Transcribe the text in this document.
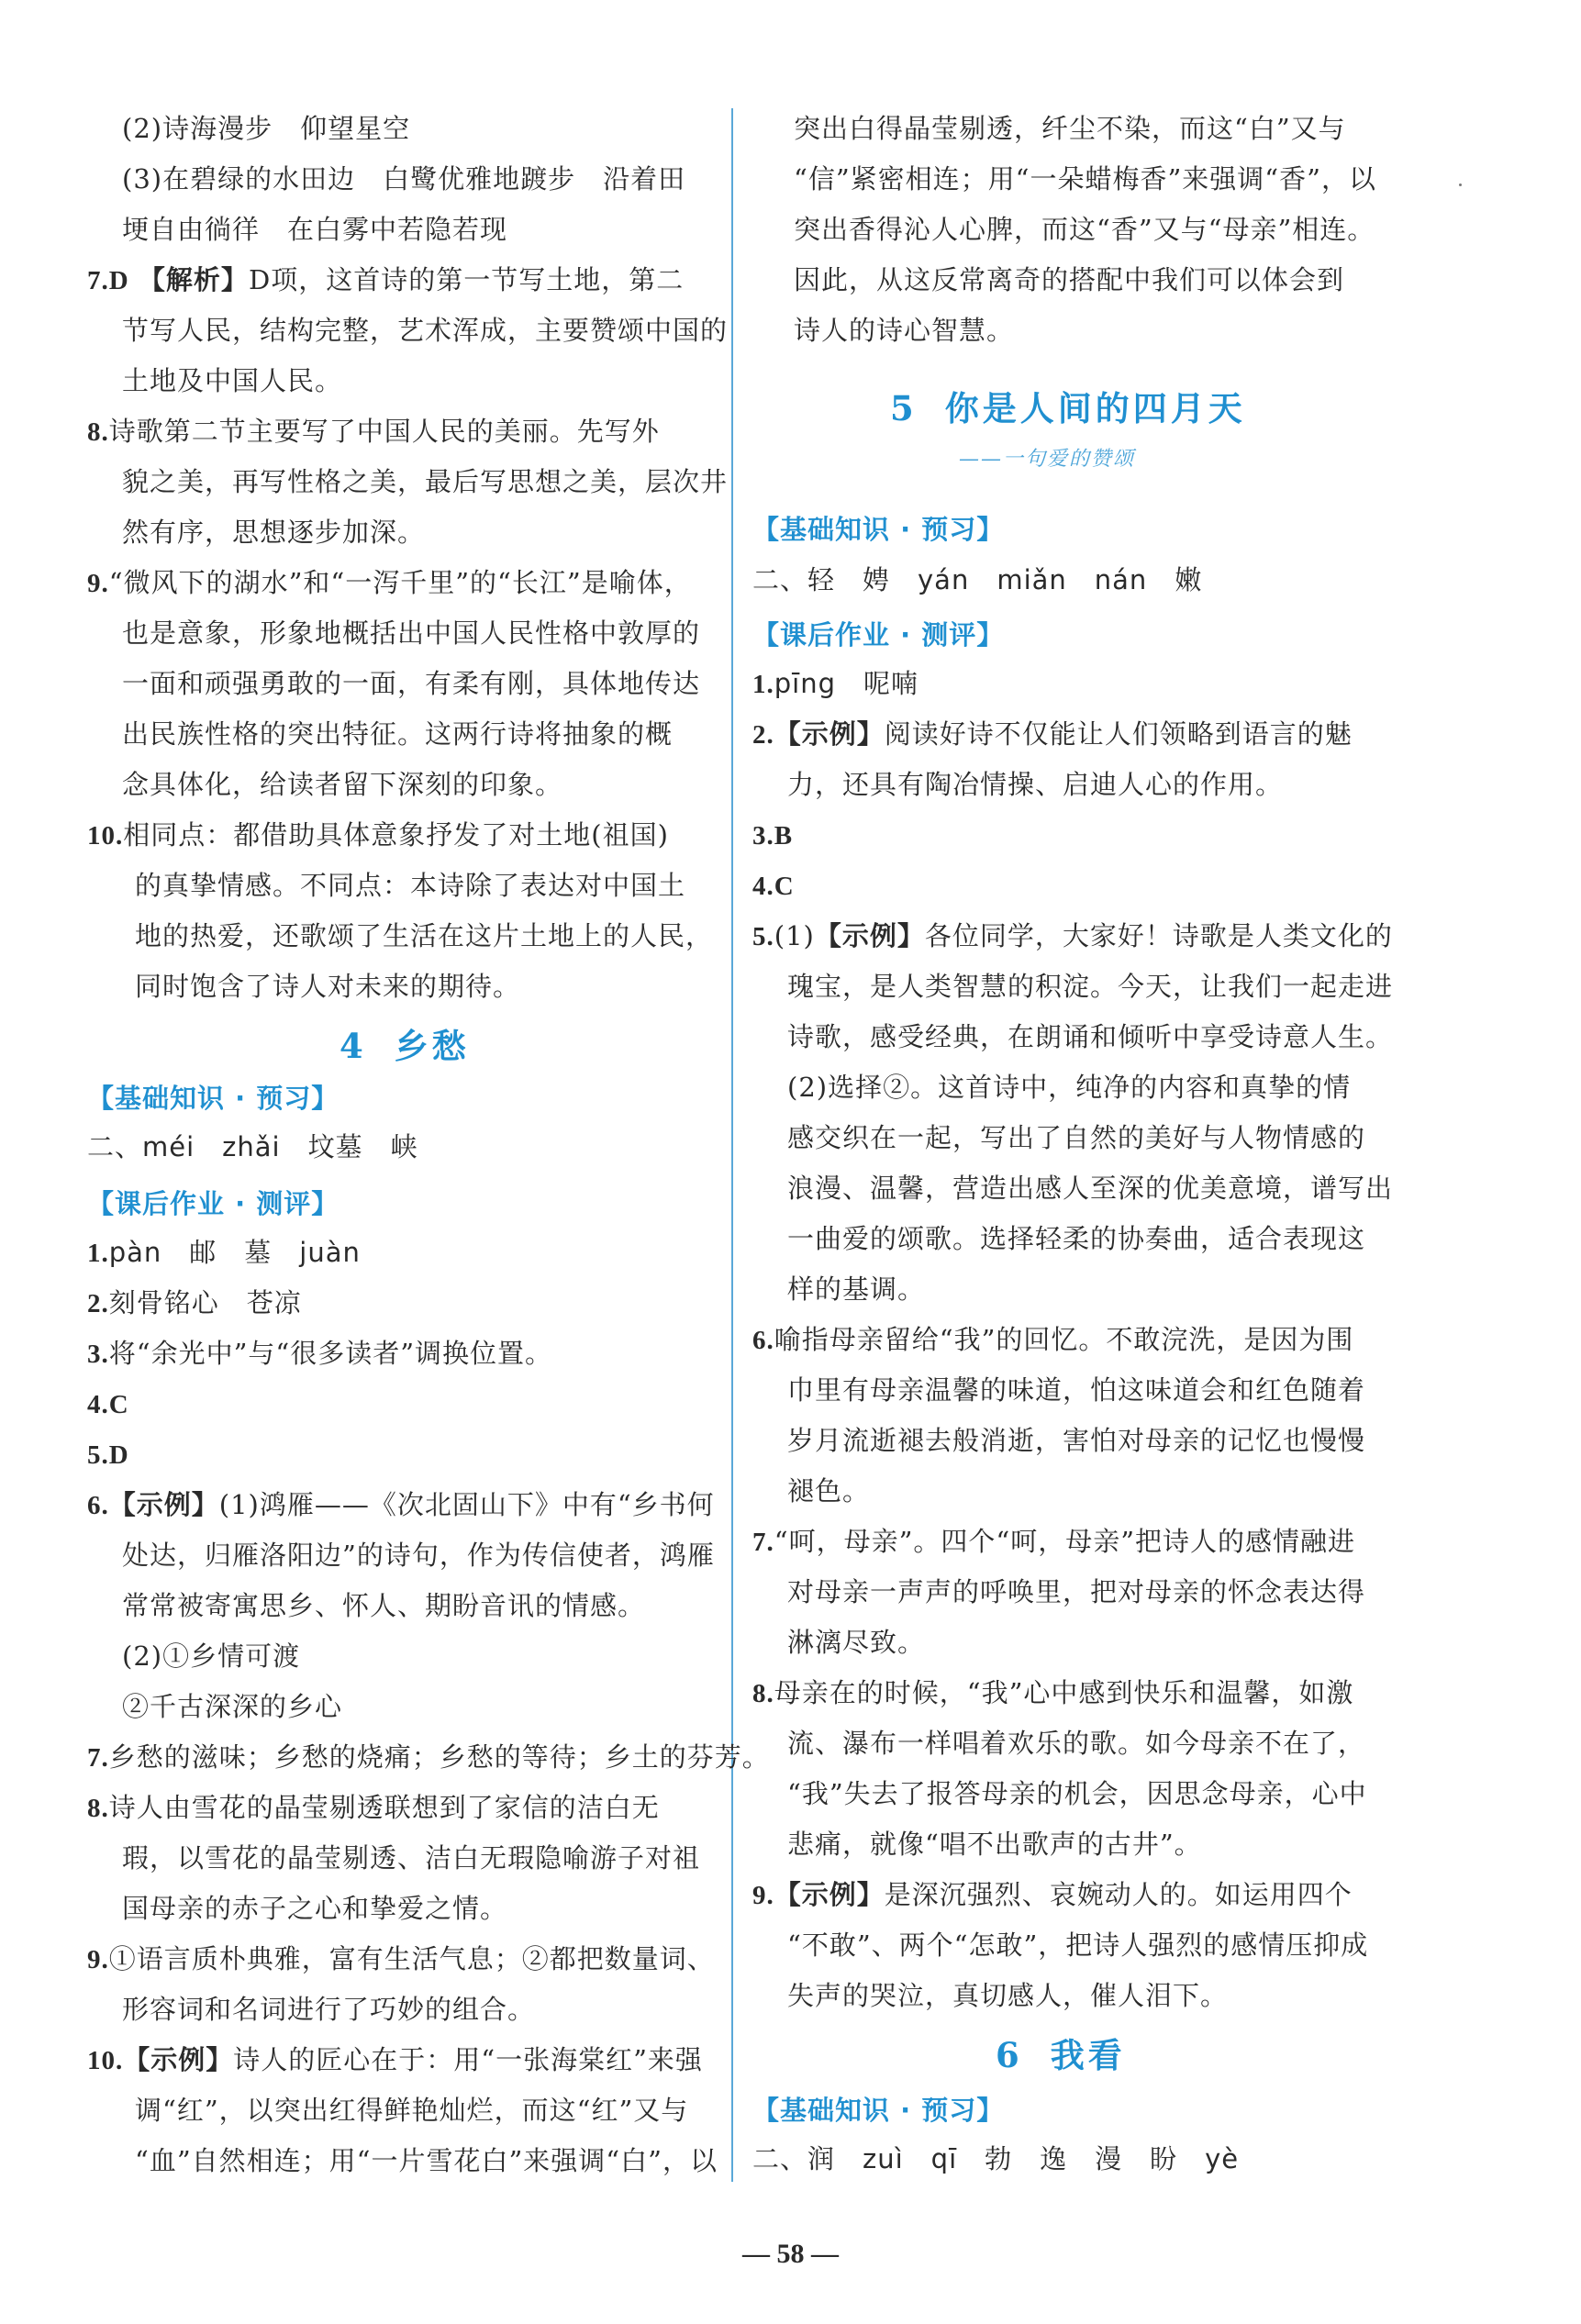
(2)诗海漫步　仰望星空
(3)在碧绿的水田边　白鹭优雅地踱步　沿着田
埂自由徜徉　在白雾中若隐若现
7.D 【解析】D项，这首诗的第一节写土地，第二
节写人民，结构完整，艺术浑成，主要赞颂中国的
土地及中国人民。
8.诗歌第二节主要写了中国人民的美丽。先写外
貌之美，再写性格之美，最后写思想之美，层次井
然有序，思想逐步加深。
9.“微风下的湖水”和“一泻千里”的“长江”是喻体，
也是意象，形象地概括出中国人民性格中敦厚的
一面和顽强勇敢的一面，有柔有刚，具体地传达
出民族性格的突出特征。这两行诗将抽象的概
念具体化，给读者留下深刻的印象。
10.相同点：都借助具体意象抒发了对土地(祖国)
的真挚情感。不同点：本诗除了表达对中国土
地的热爱，还歌颂了生活在这片土地上的人民，
同时饱含了诗人对未来的期待。
4 乡愁
【基础知识 · 预习】
二、méi　zhǎi　坟墓　峡
【课后作业 · 测评】
1.pàn　邮　墓　juàn
2.刻骨铭心　苍凉
3.将“余光中”与“很多读者”调换位置。
4.C
5.D
6.【示例】(1)鸿雁——《次北固山下》中有“乡书何
处达，归雁洛阳边”的诗句，作为传信使者，鸿雁
常常被寄寓思乡、怀人、期盼音讯的情感。
(2)①乡情可渡
②千古深深的乡心
7.乡愁的滋味；乡愁的烧痛；乡愁的等待；乡土的芬芳。
8.诗人由雪花的晶莹剔透联想到了家信的洁白无
瑕，以雪花的晶莹剔透、洁白无瑕隐喻游子对祖
国母亲的赤子之心和挚爱之情。
9.①语言质朴典雅，富有生活气息；②都把数量词、
形容词和名词进行了巧妙的组合。
10.【示例】诗人的匠心在于：用“一张海棠红”来强
调“红”，以突出红得鲜艳灿烂，而这“红”又与
“血”自然相连；用“一片雪花白”来强调“白”，以
突出白得晶莹剔透，纤尘不染，而这“白”又与
“信”紧密相连；用“一朵蜡梅香”来强调“香”，以
突出香得沁人心脾，而这“香”又与“母亲”相连。
因此，从这反常离奇的搭配中我们可以体会到
诗人的诗心智慧。
5 你是人间的四月天
——一句爱的赞颂
【基础知识 · 预习】
二、轻　娉　yán　miǎn　nán　嫩
【课后作业 · 测评】
1.pīng　呢喃
2.【示例】阅读好诗不仅能让人们领略到语言的魅
力，还具有陶冶情操、启迪人心的作用。
3.B
4.C
5.(1)【示例】各位同学，大家好！诗歌是人类文化的
瑰宝，是人类智慧的积淀。今天，让我们一起走进
诗歌，感受经典，在朗诵和倾听中享受诗意人生。
(2)选择②。这首诗中，纯净的内容和真挚的情
感交织在一起，写出了自然的美好与人物情感的
浪漫、温馨，营造出感人至深的优美意境，谱写出
一曲爱的颂歌。选择轻柔的协奏曲，适合表现这
样的基调。
6.喻指母亲留给“我”的回忆。不敢浣洗，是因为围
巾里有母亲温馨的味道，怕这味道会和红色随着
岁月流逝褪去般消逝，害怕对母亲的记忆也慢慢
褪色。
7.“呵，母亲”。四个“呵，母亲”把诗人的感情融进
对母亲一声声的呼唤里，把对母亲的怀念表达得
淋漓尽致。
8.母亲在的时候，“我”心中感到快乐和温馨，如激
流、瀑布一样唱着欢乐的歌。如今母亲不在了，
“我”失去了报答母亲的机会，因思念母亲，心中
悲痛，就像“唱不出歌声的古井”。
9.【示例】是深沉强烈、哀婉动人的。如运用四个
“不敢”、两个“怎敢”，把诗人强烈的感情压抑成
失声的哭泣，真切感人，催人泪下。
6 我看
【基础知识 · 预习】
二、润　zuì　qī　勃　逸　漫　盼　yè
— 58 —
